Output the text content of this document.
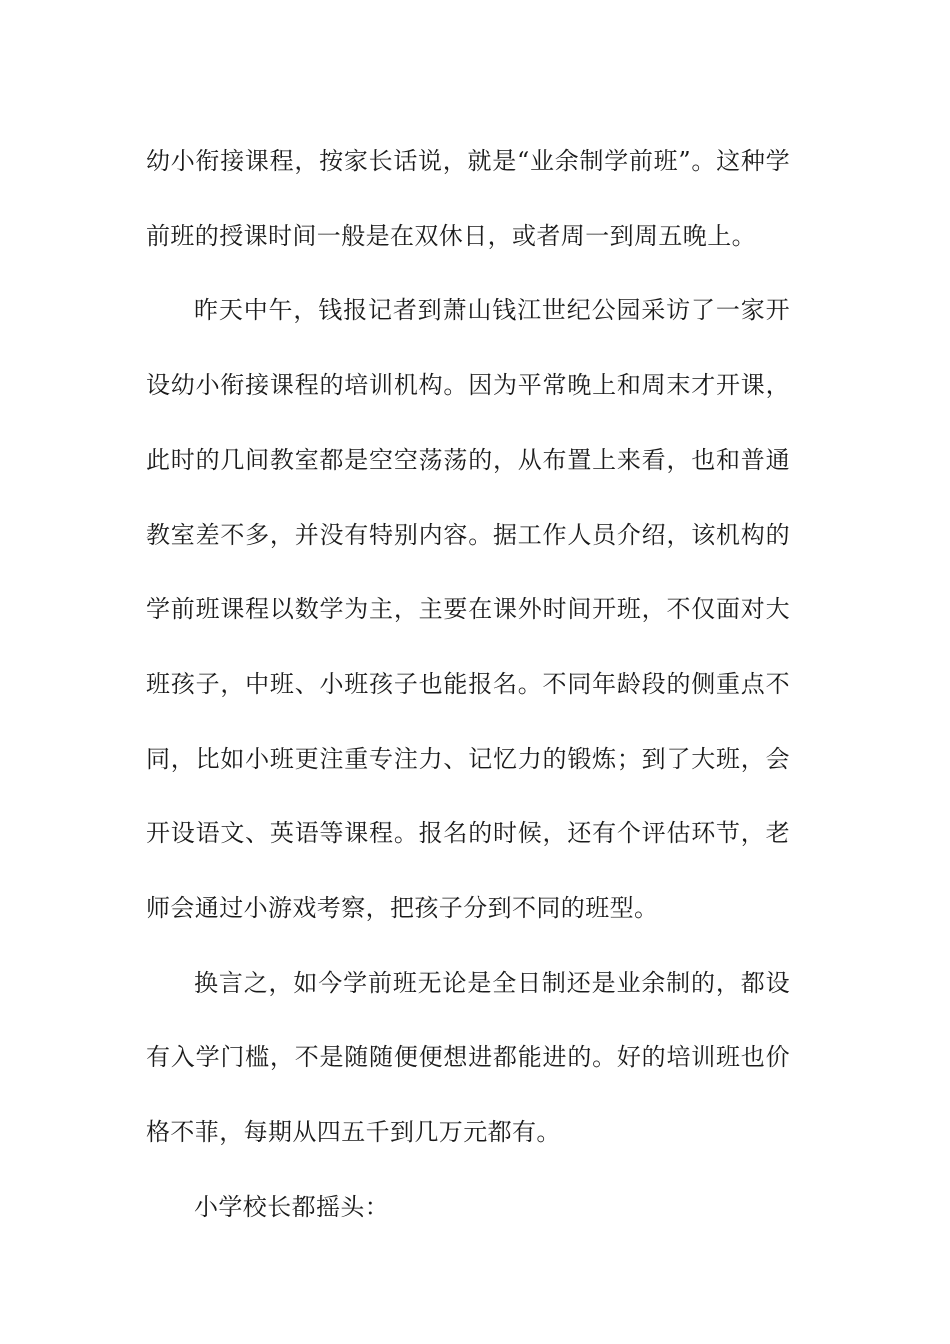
幼小衔接课程，按家长话说，就是“业余制学前班”。这种学前班的授课时间一般是在双休日，或者周一到周五晚上。

昨天中午，钱报记者到萧山钱江世纪公园采访了一家开设幼小衔接课程的培训机构。因为平常晚上和周末才开课，此时的几间教室都是空空荡荡的，从布置上来看，也和普通教室差不多，并没有特别内容。据工作人员介绍，该机构的学前班课程以数学为主，主要在课外时间开班，不仅面对大班孩子，中班、小班孩子也能报名。不同年龄段的侧重点不同，比如小班更注重专注力、记忆力的锻炼；到了大班，会开设语文、英语等课程。报名的时候，还有个评估环节，老师会通过小游戏考察，把孩子分到不同的班型。

换言之，如今学前班无论是全日制还是业余制的，都设有入学门槛，不是随随便便想进都能进的。好的培训班也价格不菲，每期从四五千到几万元都有。

小学校长都摇头：
